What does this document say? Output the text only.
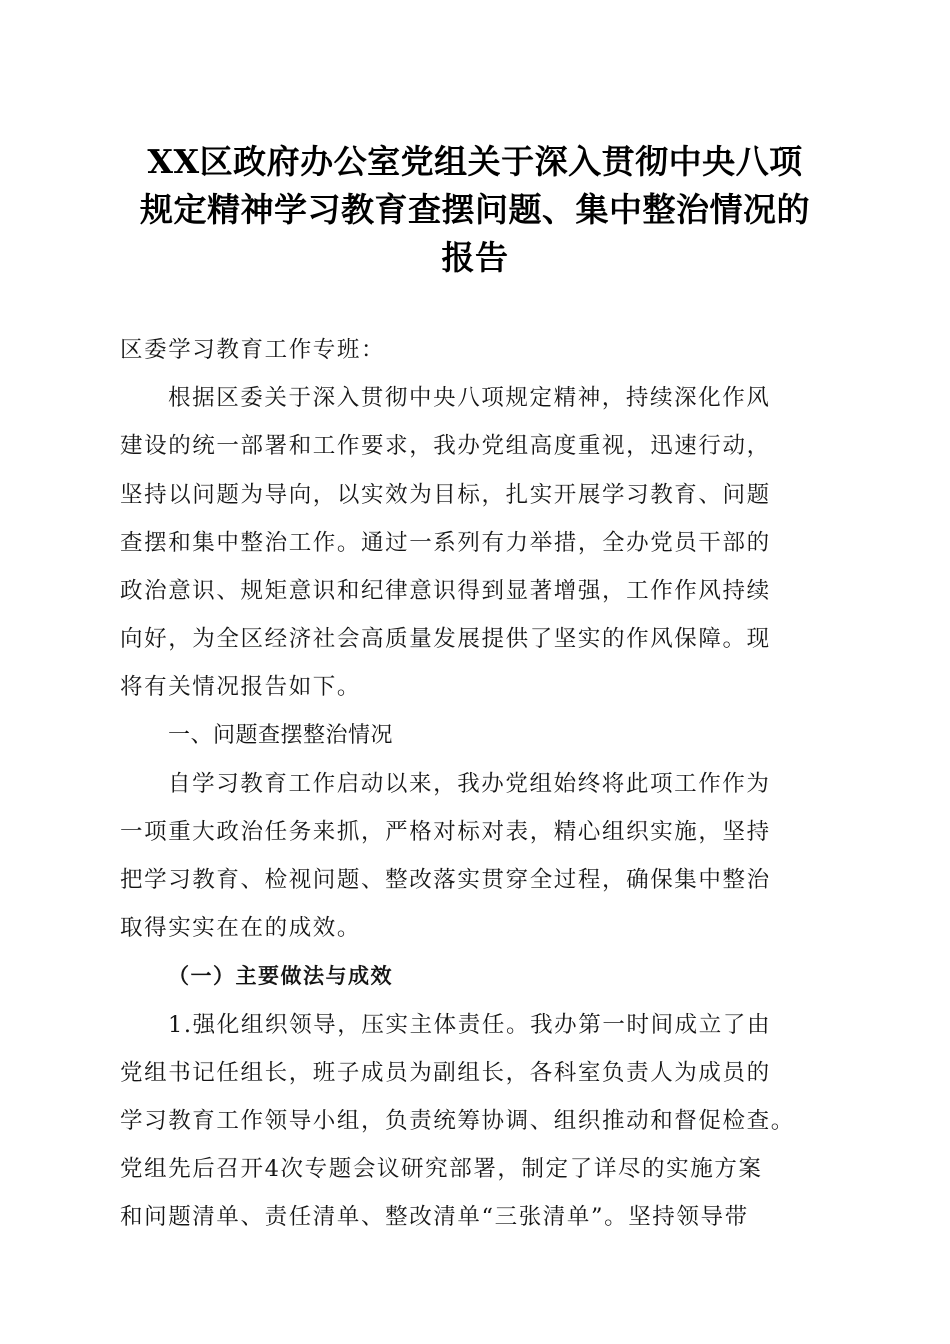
XX区政府办公室党组关于深入贯彻中央八项
规定精神学习教育查摆问题、集中整治情况的
报告
区委学习教育工作专班：
根据区委关于深入贯彻中央八项规定精神，持续深化作风
建设的统一部署和工作要求，我办党组高度重视，迅速行动，
坚持以问题为导向，以实效为目标，扎实开展学习教育、问题
查摆和集中整治工作。通过一系列有力举措，全办党员干部的
政治意识、规矩意识和纪律意识得到显著增强，工作作风持续
向好，为全区经济社会高质量发展提供了坚实的作风保障。现
将有关情况报告如下。
一、问题查摆整治情况
自学习教育工作启动以来，我办党组始终将此项工作作为
一项重大政治任务来抓，严格对标对表，精心组织实施，坚持
把学习教育、检视问题、整改落实贯穿全过程，确保集中整治
取得实实在在的成效。
（一）主要做法与成效
1.强化组织领导，压实主体责任。我办第一时间成立了由
党组书记任组长，班子成员为副组长，各科室负责人为成员的
学习教育工作领导小组，负责统筹协调、组织推动和督促检查。
党组先后召开4次专题会议研究部署，制定了详尽的实施方案
和问题清单、责任清单、整改清单“三张清单”。坚持领导带
